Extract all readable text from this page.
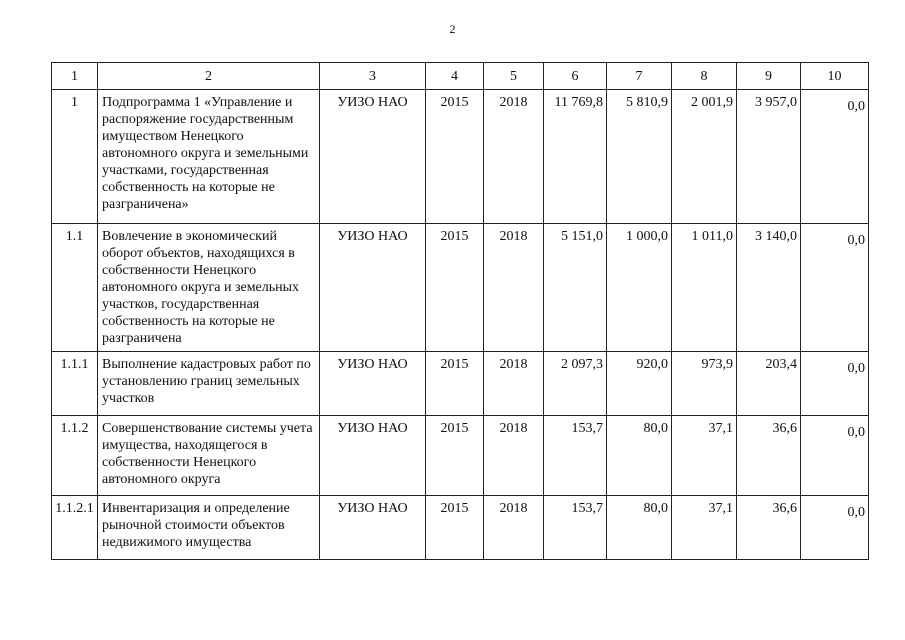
2
1	2	3	4	5	6	7	8	9	10
1	Подпрограмма 1 «Управление и распоряжение государственным имуществом Ненецкого автономного округа и земельными участками, государственная собственность на которые не разграничена»	УИЗО НАО	2015	2018	11 769,8	5 810,9	2 001,9	3 957,0	0,0
1.1	Вовлечение в экономический оборот объектов, находящихся в собственности Ненецкого автономного округа и земельных участков, государственная собственность на которые не разграничена	УИЗО НАО	2015	2018	5 151,0	1 000,0	1 011,0	3 140,0	0,0
1.1.1	Выполнение кадастровых работ по установлению границ земельных участков	УИЗО НАО	2015	2018	2 097,3	920,0	973,9	203,4	0,0
1.1.2	Совершенствование системы учета имущества, находящегося в собственности Ненецкого автономного округа	УИЗО НАО	2015	2018	153,7	80,0	37,1	36,6	0,0
1.1.2.1	Инвентаризация и определение рыночной стоимости объектов недвижимого имущества	УИЗО НАО	2015	2018	153,7	80,0	37,1	36,6	0,0
